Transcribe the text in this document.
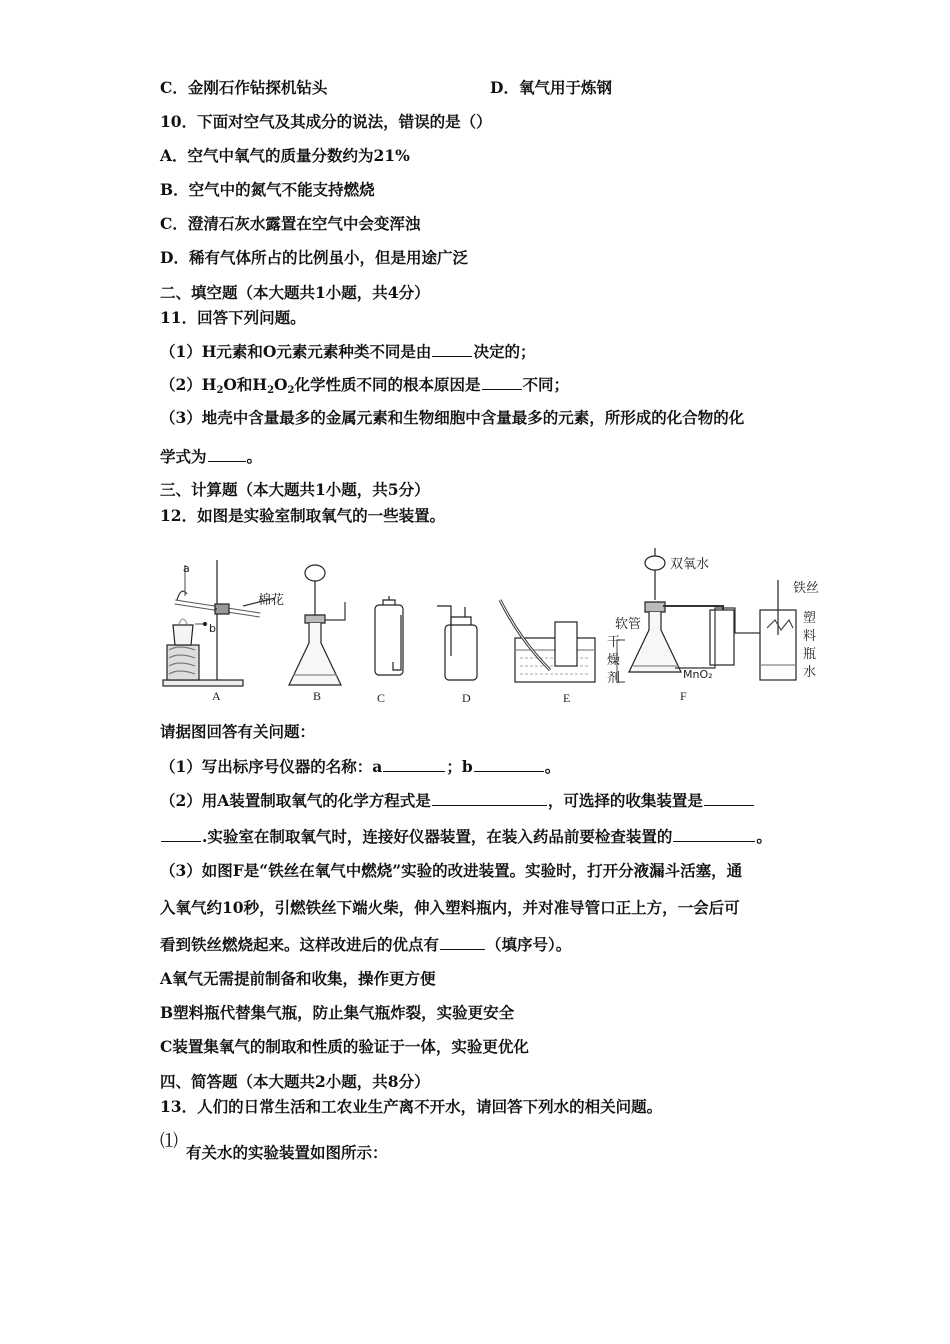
C．金刚石作钻探机钻头	D．氧气用于炼钢
10．下面对空气及其成分的说法，错误的是（）
A．空气中氧气的质量分数约为21%
B．空气中的氮气不能支持燃烧
C．澄清石灰水露置在空气中会变浑浊
D．稀有气体所占的比例虽小，但是用途广泛
二、填空题（本大题共1小题，共4分）
11．回答下列问题。
（1）H元素和O元素元素种类不同是由	决定的；
$(2)H_2O$和$H_2O_2$化学性质不同的根本原因是	不同；
（3）地壳中含量最多的金属元素和生物细胞中含量最多的元素，所形成的化合物的化
学式为	。
三、计算题（本大题共1小题，共5分）
12．如图是实验室制取氧气的一些装置。
a
b
棉花
双氧水
软管
干
燥
剂	MnO₂
铁丝
塑
料
瓶
水
A	B	C	D	E	F
请据图回答有关问题：
（1）写出标序号仪器的名称：a	；b	。
（2）用A装置制取氧气的化学方程式是	，可选择的收集装置是
.实验室在制取氧气时，连接好仪器装置，在装入药品前要检查装置的	。
（3）如图F是“铁丝在氧气中燃烧”实验的改进装置。实验时，打开分液漏斗活塞，通
入氧气约10秒，引燃铁丝下端火柴，伸入塑料瓶内，并对准导管口正上方，一会后可
看到铁丝燃烧起来。这样改进后的优点有	（填序号）。
A氧气无需提前制备和收集，操作更方便
B塑料瓶代替集气瓶，防止集气瓶炸裂，实验更安全
C装置集氧气的制取和性质的验证于一体，实验更优化
四、简答题（本大题共2小题，共8分）
13．人们的日常生活和工农业生产离不开水，请回答下列水的相关问题。
⑴
有关水的实验装置如图所示：
